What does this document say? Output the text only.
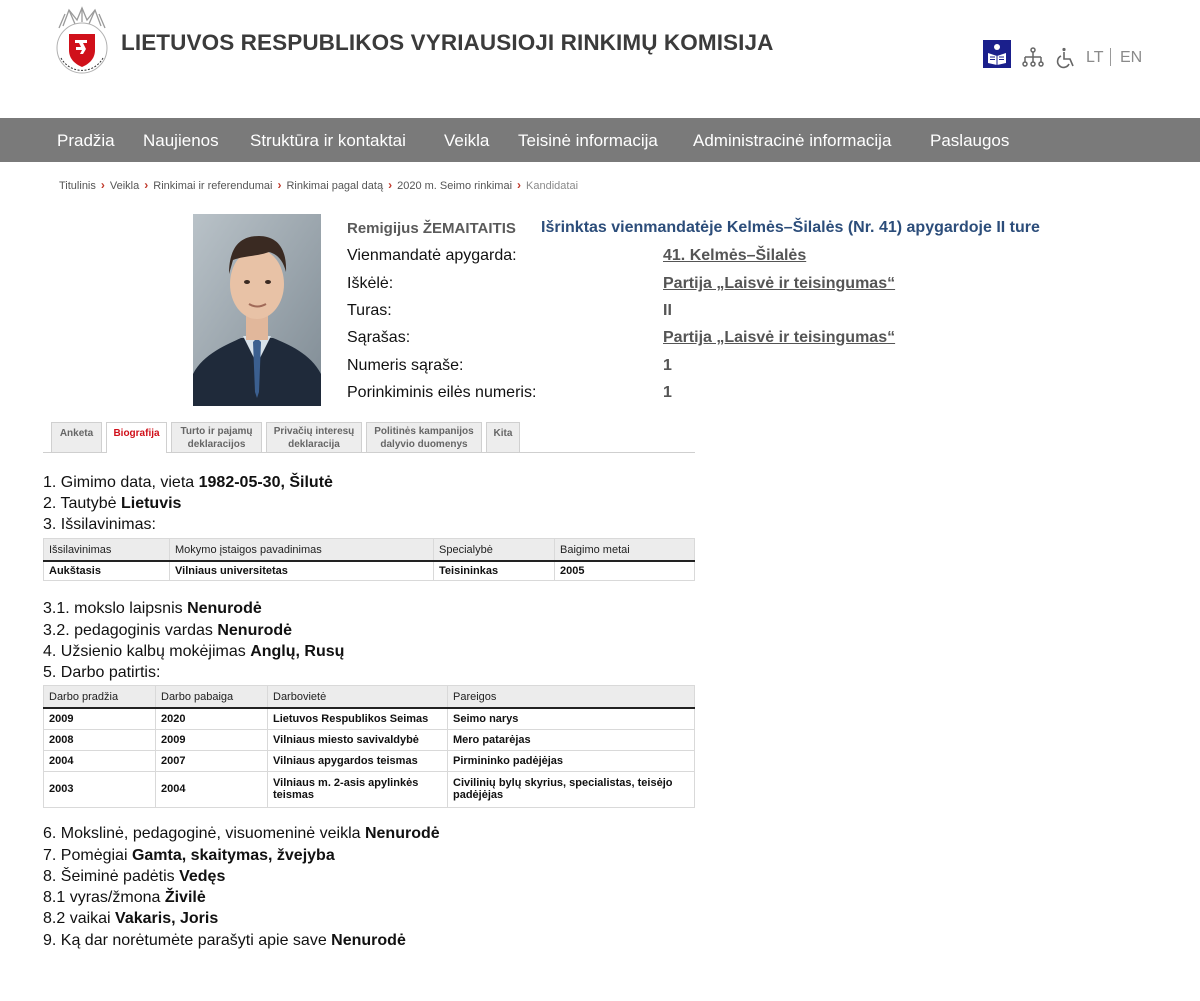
LIETUVOS RESPUBLIKOS VYRIAUSIOJI RINKIMŲ KOMISIJA
LT EN
Pradžia Naujienos Struktūra ir kontaktai Veikla Teisinė informacija Administracinė informacija Paslaugos
Titulinis › Veikla › Rinkimai ir referendumai › Rinkimai pagal datą › 2020 m. Seimo rinkimai › Kandidatai
Remigijus ŽEMAITAITIS Išrinktas vienmandatėje Kelmės–Šilalės (Nr. 41) apygardoje II ture
Vienmandatė apygarda:	41. Kelmės–Šilalės
Iškėlė:	Partija „Laisvė ir teisingumas“
Turas:	II
Sąrašas:	Partija „Laisvė ir teisingumas“
Numeris sąraše:	1
Porinkiminis eilės numeris:	1
Anketa Biografija Turto ir pajamų
deklaracijos
Privačių interesų
deklaracija
Politinės kampanijos
dalyvio duomenys
Kita
1. Gimimo data, vieta 1982-05-30, Šilutė
2. Tautybė Lietuvis
3. Išsilavinimas:
Išsilavinimas	Mokymo įstaigos pavadinimas	Specialybė	Baigimo metai
Aukštasis	Vilniaus universitetas	Teisininkas	2005
3.1. mokslo laipsnis Nenurodė
3.2. pedagoginis vardas Nenurodė
4. Užsienio kalbų mokėjimas Anglų, Rusų
5. Darbo patirtis:
Darbo pradžia	Darbo pabaiga	Darbovietė	Pareigos
2009	2020	Lietuvos Respublikos Seimas	Seimo narys
2008	2009	Vilniaus miesto savivaldybė	Mero patarėjas
2004	2007	Vilniaus apygardos teismas	Pirmininko padėjėjas
2003	2004	Vilniaus m. 2-asis apylinkės teismas	Civilinių bylų skyrius, specialistas, teisėjo padėjėjas
6. Mokslinė, pedagoginė, visuomeninė veikla Nenurodė
7. Pomėgiai Gamta, skaitymas, žvejyba
8. Šeiminė padėtis Vedęs
8.1 vyras/žmona Živilė
8.2 vaikai Vakaris, Joris
9. Ką dar norėtumėte parašyti apie save Nenurodė
